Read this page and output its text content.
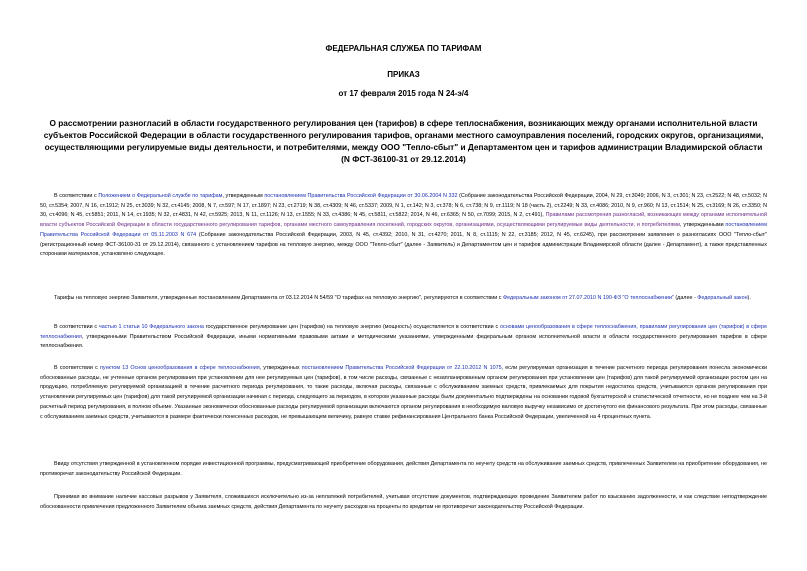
ФЕДЕРАЛЬНАЯ СЛУЖБА ПО ТАРИФАМ
ПРИКАЗ
от 17 февраля 2015 года N 24-э/4
О рассмотрении разногласий в области государственного регулирования цен (тарифов) в сфере теплоснабжения, возникающих между органами исполнительной власти субъектов Российской Федерации в области государственного регулирования тарифов, органами местного самоуправления поселений, городских округов, организациями, осуществляющими регулируемые виды деятельности, и потребителями, между ООО "Тепло-сбыт" и Департаментом цен и тарифов администрации Владимирской области
(N ФСТ-36100-31 от 29.12.2014)
В соответствии с Положением о Федеральной службе по тарифам, утвержденным постановлением Правительства Российской Федерации от 30.06.2004 N 332 (Собрание законодательства Российской Федерации, 2004, N 29, ст.3049; 2006, N 3, ст.301; N 23, ст.2522; N 48, ст.5032; N 50, ст.5354; 2007, N 16, ст.1912; N 25, ст.3039; N 32, ст.4145; 2008, N 7, ст.597; N 17, ст.1897; N 23, ст.2719; N 38, ст.4309; N 46, ст.5337; 2009, N 1, ст.142; N 3, ст.378; N 6, ст.738; N 9, ст.1119; N 18 (часть 2), ст.2249; N 33, ст.4086; 2010, N 9, ст.960; N 13, ст.1514; N 25, ст.3169; N 26, ст.3350; N 30, ст.4096; N 45, ст.5851; 2011, N 14, ст.1935; N 32, ст.4831, N 42, ст.5925; 2013, N 11, ст.1126; N 13, ст.1555; N 33, ст.4386; N 45, ст.5811, ст.5822; 2014, N 46, ст.6365; N 50, ст.7099; 2015, N 2, ст.491), Правилами рассмотрения разногласий, возникающих между органами исполнительной власти субъектов Российской Федерации в области государственного регулирования тарифов, органами местного самоуправления поселений, городских округов, организациями, осуществляющими регулируемые виды деятельности, и потребителями, утвержденными постановлением Правительства Российской Федерации от 05.11.2003 N 674 (Собрание законодательства Российской Федерации, 2003, N 45, ст.4392; 2010, N 31, ст.4270; 2011, N 8, ст.1115; N 22, ст.3185; 2012, N 45, ст.6245), при рассмотрении заявления о разногласиях ООО "Тепло-сбыт" (регистрационный номер ФСТ-36100-31 от 29.12.2014), связанного с установлением тарифов на тепловую энергию, между ООО "Тепло-сбыт" (далее - Заявитель) и Департаментом цен и тарифов администрации Владимирской области (далее - Департамент), а также представленных сторонами материалов, установлено следующее.
Тарифы на тепловую энергию Заявителя, утвержденные постановлением Департамента от 03.12.2014 N 54/59 "О тарифах на тепловую энергию", регулируются в соответствии с Федеральным законом от 27.07.2010 N 190-ФЗ "О теплоснабжении" (далее - Федеральный закон).
В соответствии с частью 1 статьи 10 Федерального закона государственное регулирование цен (тарифов) на тепловую энергию (мощность) осуществляется в соответствии с основами ценообразования в сфере теплоснабжения, правилами регулирования цен (тарифов) в сфере теплоснабжения, утвержденными Правительством Российской Федерации, иными нормативными правовыми актами и методическими указаниями, утвержденными федеральным органом исполнительной власти в области государственного регулирования тарифов в сфере теплоснабжения.
В соответствии с пунктом 13 Основ ценообразования в сфере теплоснабжения, утвержденных постановлением Правительства Российской Федерации от 22.10.2012 N 1075, если регулируемая организация в течение расчетного периода регулирования понесла экономически обоснованные расходы, не учтенные органом регулирования при установлении для нее регулируемых цен (тарифов), в том числе расходы, связанные с незапланированным органом регулирования при установлении цен (тарифов) для такой регулируемой организации ростом цен на продукцию, потребляемую регулируемой организацией в течение расчетного периода регулирования, то такие расходы, включая расходы, связанные с обслуживанием заемных средств, привлекаемых для покрытия недостатка средств, учитываются органом регулирования при установлении регулируемых цен (тарифов) для такой регулируемой организации начиная с периода, следующего за периодом, в котором указанные расходы были документально подтверждены на основании годовой бухгалтерской и статистической отчетности, но не позднее чем на 3-й расчетный период регулирования, в полном объеме. Указанные экономически обоснованные расходы регулируемой организации включаются органом регулирования в необходимую валовую выручку независимо от достигнутого ею финансового результата. При этом расходы, связанные с обслуживанием заемных средств, учитываются в размере фактически понесенных расходов, не превышающем величину, равную ставке рефинансирования Центрального банка Российской Федерации, увеличенной на 4 процентных пункта.
Ввиду отсутствия утвержденной в установленном порядке инвестиционной программы, предусматривающей приобретение оборудования, действия Департамента по неучету средств на обслуживание заемных средств, привлеченных Заявителем на приобретение оборудования, не противоречат законодательству Российской Федерации.
Принимая во внимание наличие кассовых разрывов у Заявителя, сложившихся исключительно из-за неплатежей потребителей, учитывая отсутствие документов, подтверждающих проведение Заявителем работ по взысканию задолженности, и как следствие неподтверждение обоснованности привлечения предложенного Заявителем объема заемных средств, действия Департамента по неучету расходов на проценты по кредитам не противоречат законодательству Российской Федерации.
